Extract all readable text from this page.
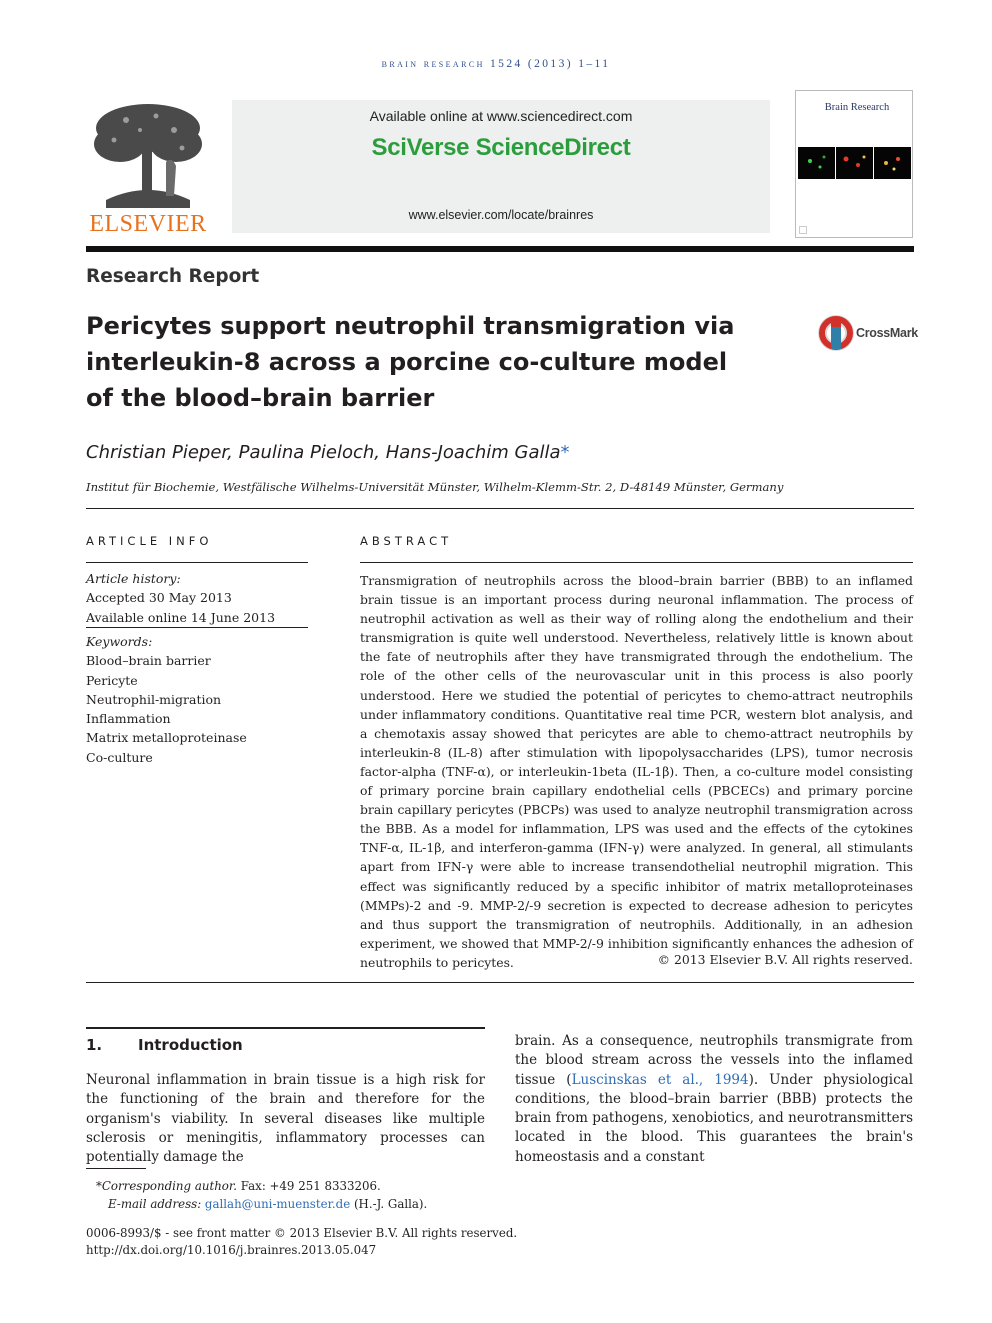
brain research 1524 (2013) 1–11
ELSEVIER
Available online at www.sciencedirect.com
SciVerse ScienceDirect
www.elsevier.com/locate/brainres
Brain Research
Research Report
Pericytes support neutrophil transmigration via
interleukin-8 across a porcine co-culture model
of the blood–brain barrier
CrossMark
Christian Pieper, Paulina Pieloch, Hans-Joachim Galla*
Institut für Biochemie, Westfälische Wilhelms-Universität Münster, Wilhelm-Klemm-Str. 2, D-48149 Münster, Germany
ARTICLE INFO
Article history:
Accepted 30 May 2013
Available online 14 June 2013
Keywords:
Blood–brain barrier
Pericyte
Neutrophil-migration
Inflammation
Matrix metalloproteinase
Co-culture
ABSTRACT
Transmigration of neutrophils across the blood–brain barrier (BBB) to an inflamed brain tissue is an important process during neuronal inflammation. The process of neutrophil activation as well as their way of rolling along the endothelium and their transmigration is quite well understood. Nevertheless, relatively little is known about the fate of neutrophils after they have transmigrated through the endothelium. The role of the other cells of the neurovascular unit in this process is also poorly understood. Here we studied the potential of pericytes to chemo-attract neutrophils under inflammatory conditions. Quantitative real time PCR, western blot analysis, and a chemotaxis assay showed that pericytes are able to chemo-attract neutrophils by interleukin-8 (IL-8) after stimulation with lipopolysaccharides (LPS), tumor necrosis factor-alpha (TNF-α), or interleukin-1beta (IL-1β). Then, a co-culture model consisting of primary porcine brain capillary endothelial cells (PBCECs) and primary porcine brain capillary pericytes (PBCPs) was used to analyze neutrophil transmigration across the BBB. As a model for inflammation, LPS was used and the effects of the cytokines TNF-α, IL-1β, and interferon-gamma (IFN-γ) were analyzed. In general, all stimulants apart from IFN-γ were able to increase transendothelial neutrophil migration. This effect was significantly reduced by a specific inhibitor of matrix metalloproteinases (MMPs)-2 and -9. MMP-2/-9 secretion is expected to decrease adhesion to pericytes and thus support the transmigration of neutrophils. Additionally, in an adhesion experiment, we showed that MMP-2/-9 inhibition significantly enhances the adhesion of neutrophils to pericytes.	© 2013 Elsevier B.V. All rights reserved.
1. Introduction

Neuronal inflammation in brain tissue is a high risk for the functioning of the brain and therefore for the organism's viability. In several diseases like multiple sclerosis or meningitis, inflammatory processes can potentially damage the

brain. As a consequence, neutrophils transmigrate from the blood stream across the vessels into the inflamed tissue (Luscinskas et al., 1994). Under physiological conditions, the blood–brain barrier (BBB) protects the brain from pathogens, xenobiotics, and neurotransmitters located in the blood. This guarantees the brain's homeostasis and a constant

*Corresponding author. Fax: +49 251 8333206.
E-mail address: gallah@uni-muenster.de (H.-J. Galla).
0006-8993/$ - see front matter © 2013 Elsevier B.V. All rights reserved.
http://dx.doi.org/10.1016/j.brainres.2013.05.047
